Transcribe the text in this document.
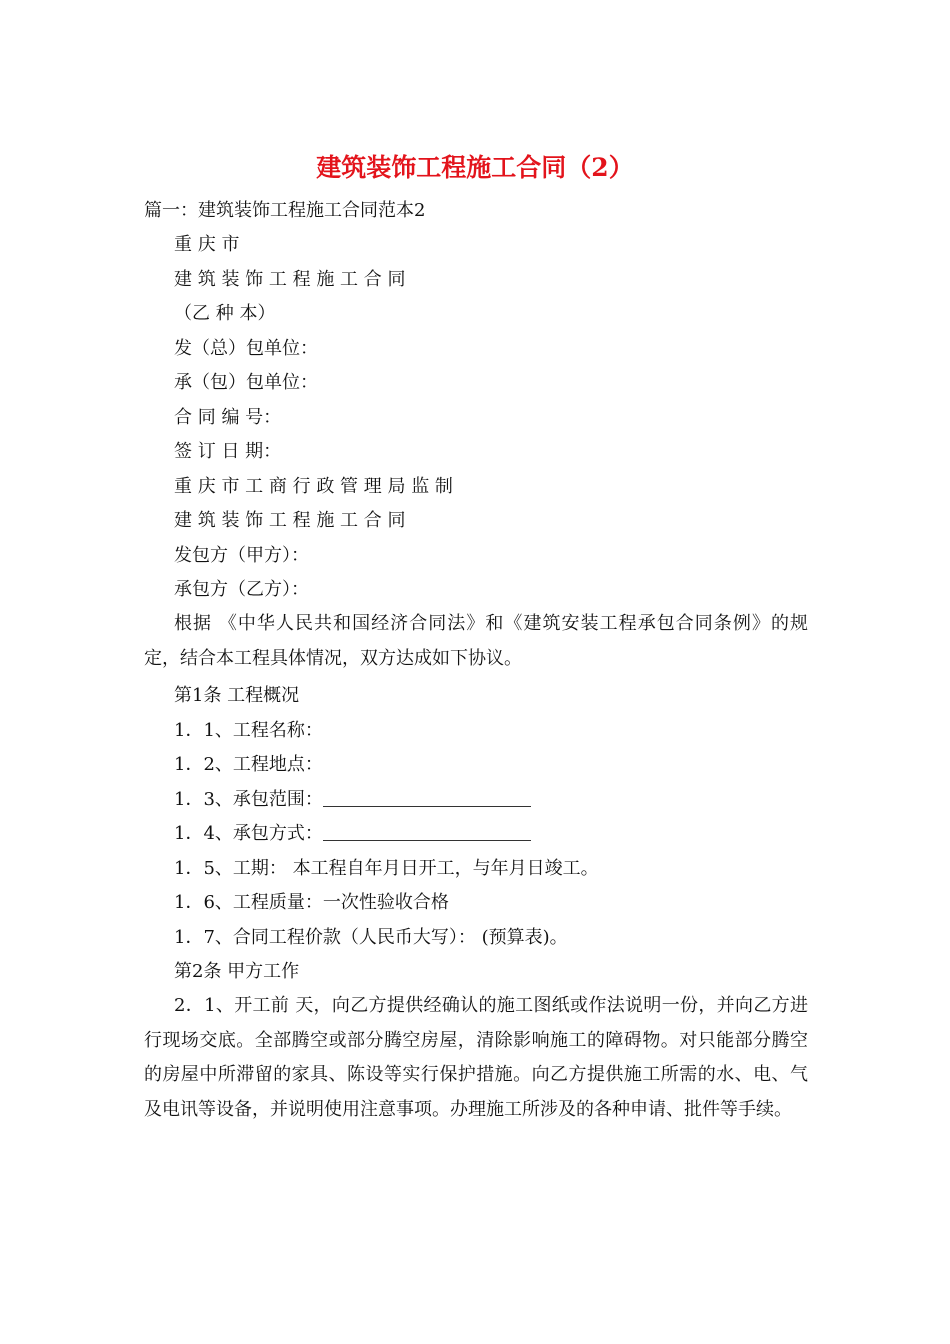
建筑装饰工程施工合同（2）
篇一：建筑装饰工程施工合同范本2
重 庆 市
建 筑 装 饰 工 程 施 工 合 同
（乙 种 本）
发（总）包单位：
承（包）包单位：
合 同 编 号：
签 订 日 期：
重 庆 市 工 商 行 政 管 理 局 监 制
建 筑 装 饰 工 程 施 工 合 同
发包方（甲方）：
承包方（乙方）：
根据 《中华人民共和国经济合同法》和《建筑安装工程承包合同条例》的规定，结合本工程具体情况，双方达成如下协议。
第1条 工程概况
1．1、工程名称：
1．2、工程地点：
1．3、承包范围：
1．4、承包方式：
1．5、工期： 本工程自年月日开工，与年月日竣工。
1．6、工程质量：一次性验收合格
1．7、合同工程价款（人民币大写）： (预算表)。
第2条 甲方工作
2．1、开工前 天，向乙方提供经确认的施工图纸或作法说明一份，并向乙方进行现场交底。全部腾空或部分腾空房屋，清除影响施工的障碍物。对只能部分腾空的房屋中所滞留的家具、陈设等实行保护措施。向乙方提供施工所需的水、电、气及电讯等设备，并说明使用注意事项。办理施工所涉及的各种申请、批件等手续。
